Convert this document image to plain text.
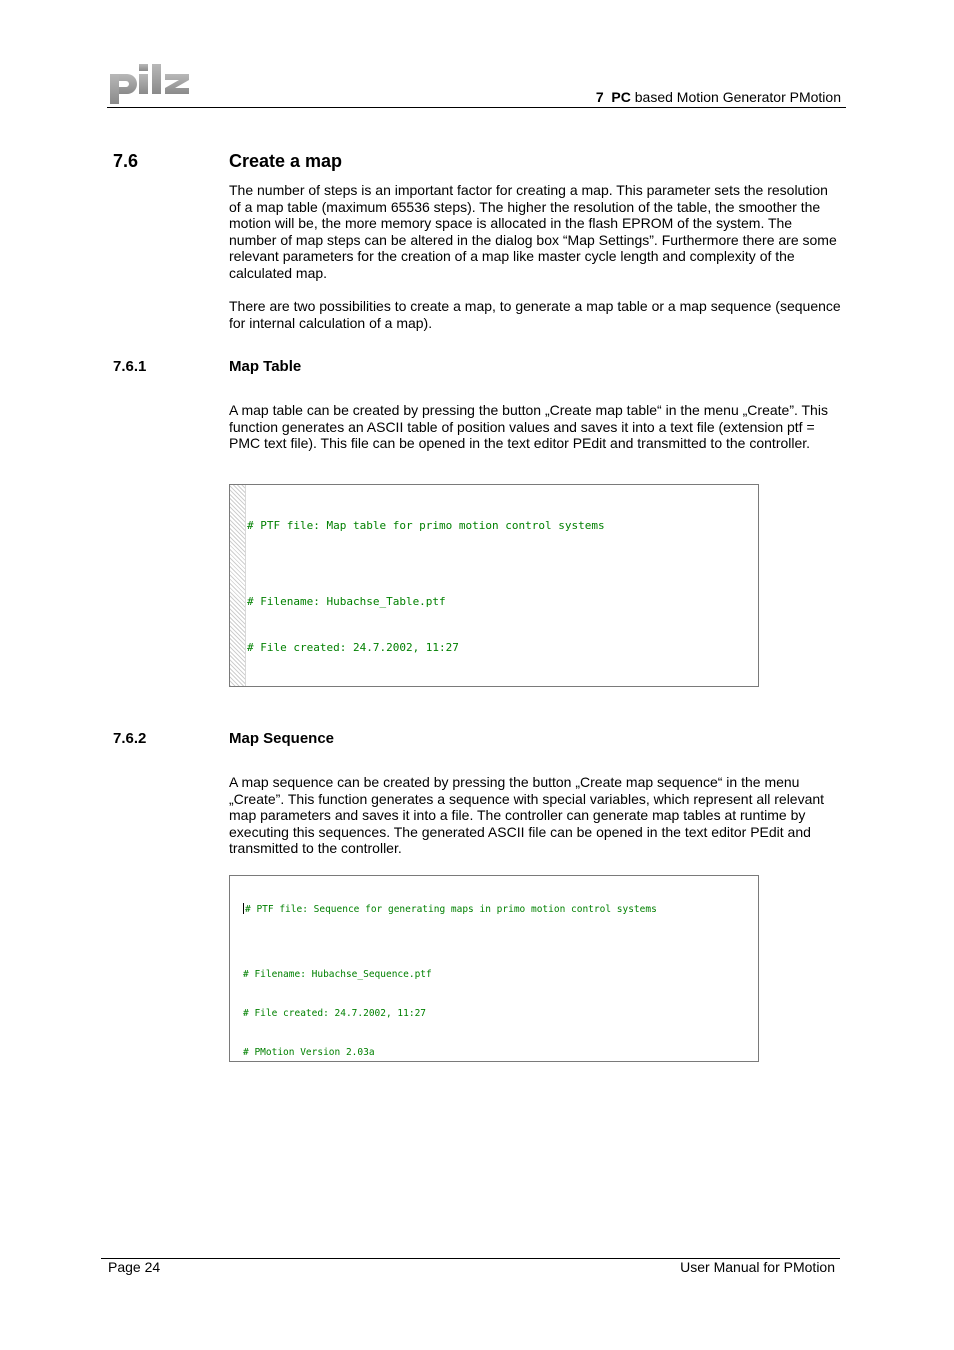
7 PC based Motion Generator PMotion
7.6	Create a map

The number of steps is an important factor for creating a map. This parameter sets the resolution of a map table (maximum 65536 steps). The higher the resolution of the table, the smoother the motion will be, the more memory space is allocated in the flash EPROM of the system. The number of map steps can be altered in the dialog box “Map Settings”. Furthermore there are some relevant parameters for the creation of a map like master cycle length and complexity of the calculated map.

There are two possibilities to create a map, to generate a map table or a map sequence (sequence for internal calculation of a map).

7.6.1	Map Table

A map table can be created by pressing the button „Create map table“ in the menu „Create”. This function generates an ASCII table of position values and saves it into a text file (extension ptf = PMC text file). This file can be opened in the text editor PEdit and transmitted to the controller.

# PTF file: Map table for primo motion control systems

# Filename: Hubachse_Table.ptf

# File created: 24.7.2002, 11:27

7.6.2	Map Sequence

A map sequence can be created by pressing the button „Create map sequence“ in the menu „Create”. This function generates a sequence with special variables, which represent all relevant map parameters and saves it into a file. The controller can generate map tables at runtime by executing this sequences. The generated ASCII file can be opened in the text editor PEdit and transmitted to the controller.

# PTF file: Sequence for generating maps in primo motion control systems

# Filename: Hubachse_Sequence.ptf

# File created: 24.7.2002, 11:27

# PMotion Version 2.03a

Page 24	User Manual for PMotion
